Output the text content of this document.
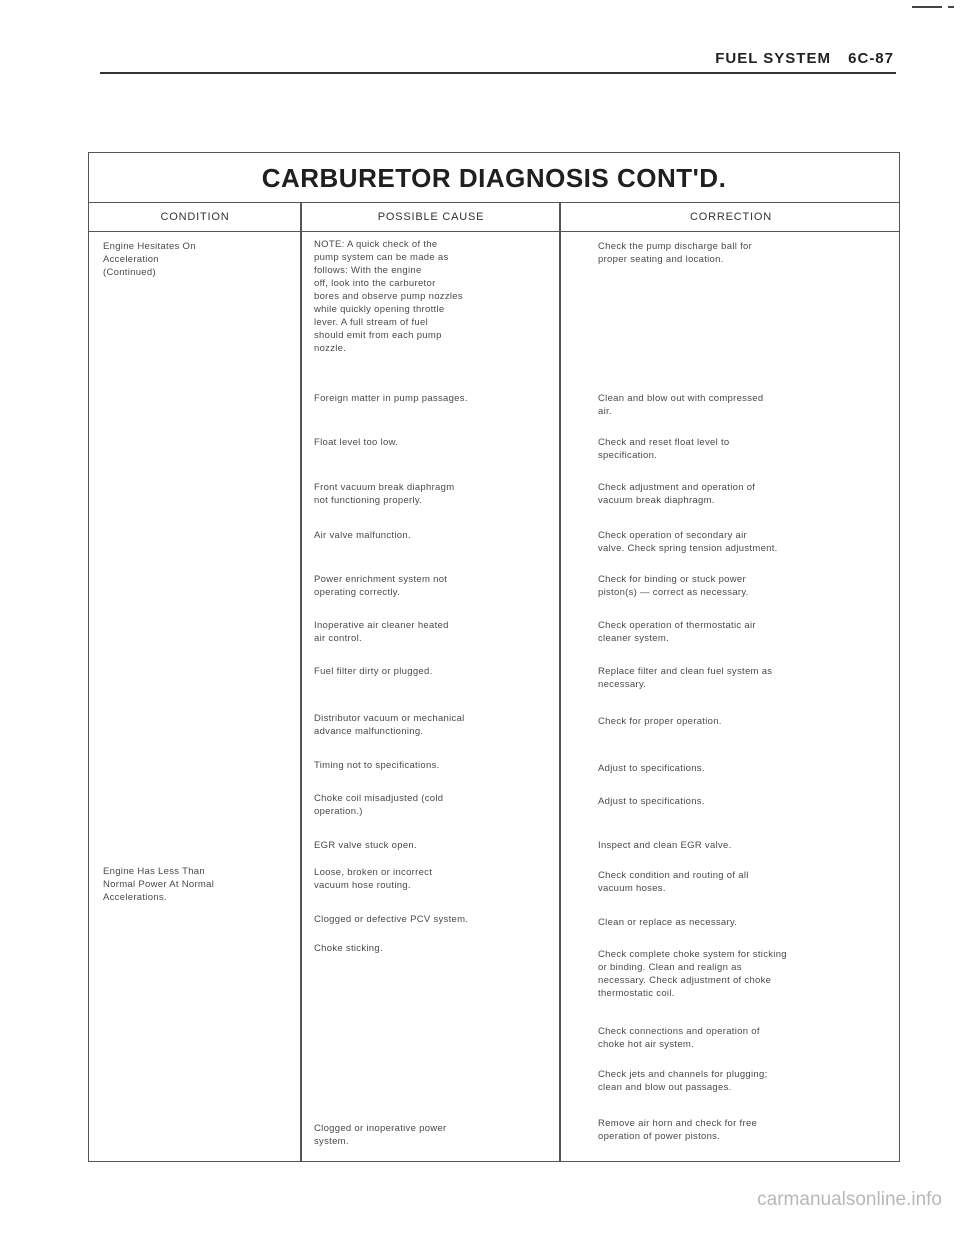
FUEL SYSTEM 6C-87
CARBURETOR DIAGNOSIS CONT'D.
CONDITION	POSSIBLE CAUSE	CORRECTION
Engine Hesitates On
Acceleration
(Continued)
Engine Has Less Than
Normal Power At Normal
Accelerations.
NOTE: A quick check of the
pump system can be made as
follows: With the engine
off, look into the carburetor
bores and observe pump nozzles
while quickly opening throttle
lever. A full stream of fuel
should emit from each pump
nozzle.
Foreign matter in pump passages.
Float level too low.
Front vacuum break diaphragm
not functioning properly.
Air valve malfunction.
Power enrichment system not
operating correctly.
Inoperative air cleaner heated
air control.
Fuel filter dirty or plugged.
Distributor vacuum or mechanical
advance malfunctioning.
Timing not to specifications.
Choke coil misadjusted (cold
operation.)
EGR valve stuck open.
Loose, broken or incorrect
vacuum hose routing.
Clogged or defective PCV system.
Choke sticking.
Clogged or inoperative power
system.
Check the pump discharge ball for
proper seating and location.
Clean and blow out with compressed
air.
Check and reset float level to
specification.
Check adjustment and operation of
vacuum break diaphragm.
Check operation of secondary air
valve. Check spring tension adjustment.
Check for binding or stuck power
piston(s) — correct as necessary.
Check operation of thermostatic air
cleaner system.
Replace filter and clean fuel system as
necessary.
Check for proper operation.
Adjust to specifications.
Adjust to specifications.
Inspect and clean EGR valve.
Check condition and routing of all
vacuum hoses.
Clean or replace as necessary.
Check complete choke system for sticking
or binding. Clean and realign as
necessary. Check adjustment of choke
thermostatic coil.
Check connections and operation of
choke hot air system.
Check jets and channels for plugging;
clean and blow out passages.
Remove air horn and check for free
operation of power pistons.
carmanualsonline.info
